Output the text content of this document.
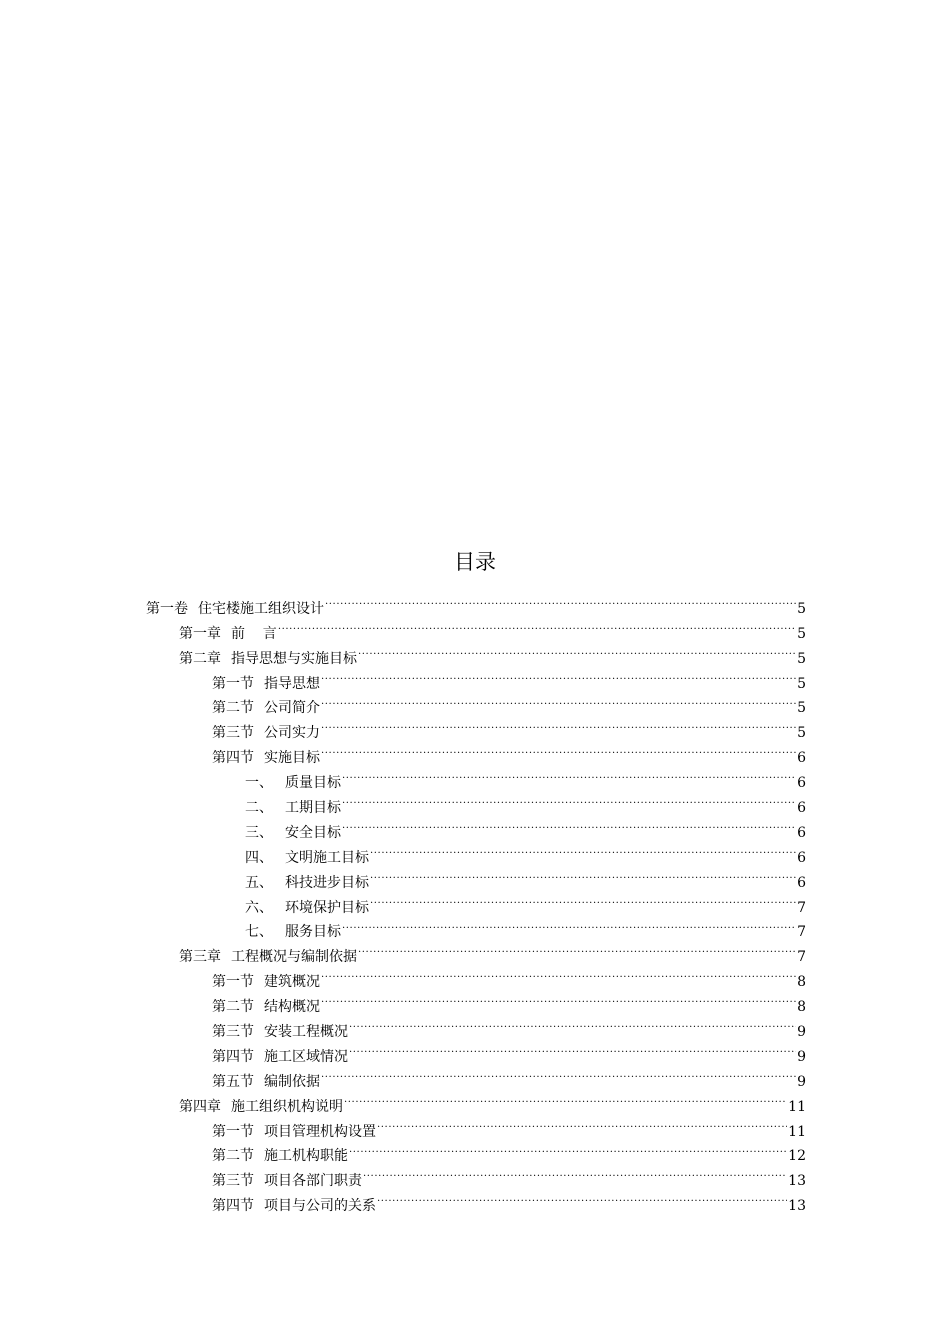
目录
第一卷 住宅楼施工组织设计 .....	5
第一章 前    言 .....	5
第二章 指导思想与实施目标 .....	5
第一节 指导思想 .....	5
第二节 公司简介 .....	5
第三节 公司实力 .....	5
第四节 实施目标 .....	6
一、 质量目标 .....	6
二、 工期目标 .....	6
三、 安全目标 .....	6
四、 文明施工目标 .....	6
五、 科技进步目标 .....	6
六、 环境保护目标 .....	7
七、 服务目标 .....	7
第三章 工程概况与编制依据 .....	7
第一节 建筑概况 .....	8
第二节 结构概况 .....	8
第三节 安装工程概况 .....	9
第四节 施工区域情况 .....	9
第五节 编制依据 .....	9
第四章 施工组织机构说明 .....	11
第一节 项目管理机构设置 .....	11
第二节 施工机构职能 .....	12
第三节 项目各部门职责 .....	13
第四节 项目与公司的关系 .....	13
